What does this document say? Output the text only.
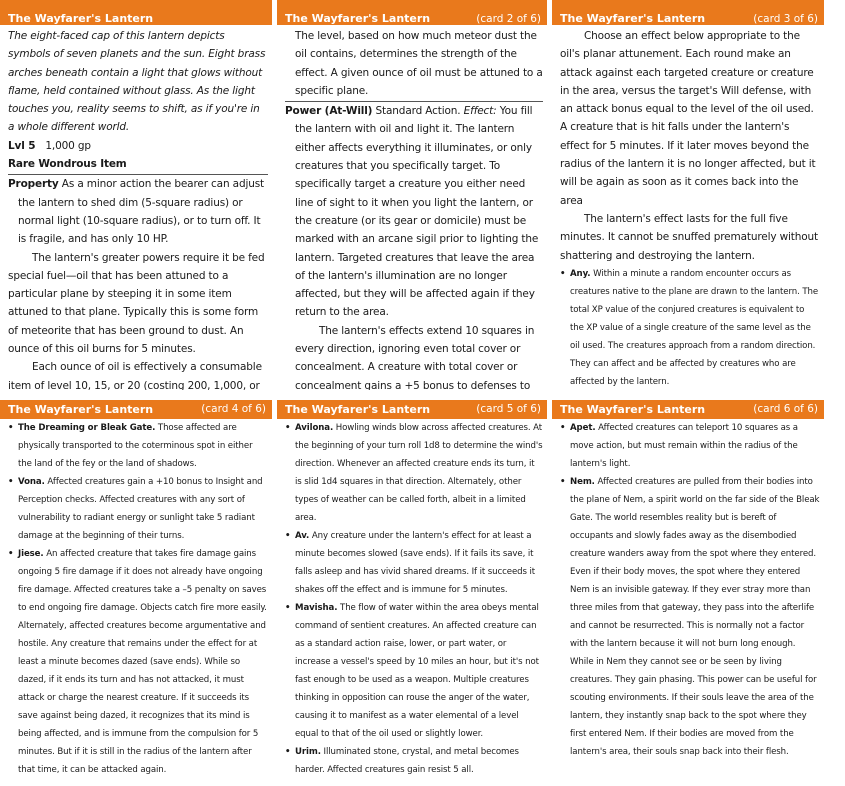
The Wayfarer's Lantern

The eight-faced cap of this lantern depicts symbols of seven planets and the sun. Eight brass arches beneath contain a light that glows without flame, held contained without glass. As the light touches you, reality seems to shift, as if you're in a whole different world.

Lvl 5 1,000 gp

Rare Wondrous Item

Property As a minor action the bearer can adjust the lantern to shed dim (5-square radius) or normal light (10-square radius), or to turn off. It is fragile, and has only 10 HP.

The lantern's greater powers require it be fed special fuel—oil that has been attuned to a particular plane by steeping it in some item attuned to that plane. Typically this is some form of meteorite that has been ground to dust. An ounce of this oil burns for 5 minutes.

Each ounce of oil is effectively a consumable item of level 10, 15, or 20 (costing 200, 1,000, or

The Wayfarer's Lantern	(card 2 of 6)

The level, based on how much meteor dust the oil contains, determines the strength of the effect. A given ounce of oil must be attuned to a specific plane.

Power (At-Will) Standard Action. Effect: You fill the lantern with oil and light it. The lantern either affects everything it illuminates, or only creatures that you specifically target. To specifically target a creature you either need line of sight to it when you light the lantern, or the creature (or its gear or domicile) must be marked with an arcane sigil prior to lighting the lantern. Targeted creatures that leave the area of the lantern's illumination are no longer affected, but they will be affected again if they return to the area.

The lantern's effects extend 10 squares in every direction, ignoring even total cover or concealment. A creature with total cover or concealment gains a +5 bonus to defenses to

The Wayfarer's Lantern	(card 3 of 6)

Choose an effect below appropriate to the oil's planar attunement. Each round make an attack against each targeted creature or creature in the area, versus the target's Will defense, with an attack bonus equal to the level of the oil used. A creature that is hit falls under the lantern's effect for 5 minutes. If it later moves beyond the radius of the lantern it is no longer affected, but it will be again as soon as it comes back into the area

The lantern's effect lasts for the full five minutes. It cannot be snuffed prematurely without shattering and destroying the lantern.

• Any. Within a minute a random encounter occurs as creatures native to the plane are drawn to the lantern. The total XP value of the conjured creatures is equivalent to the XP value of a single creature of the same level as the oil used. The creatures approach from a random direction. They can affect and be affected by creatures who are affected by the lantern.

The Wayfarer's Lantern	(card 4 of 6)

• The Dreaming or Bleak Gate. Those affected are physically transported to the coterminous spot in either the land of the fey or the land of shadows.

• Vona. Affected creatures gain a +10 bonus to Insight and Perception checks. Affected creatures with any sort of vulnerability to radiant energy or sunlight take 5 radiant damage at the beginning of their turns.

• Jiese. An affected creature that takes fire damage gains ongoing 5 fire damage if it does not already have ongoing fire damage. Affected creatures take a –5 penalty on saves to end ongoing fire damage. Objects catch fire more easily. Alternately, affected creatures become argumentative and hostile. Any creature that remains under the effect for at least a minute becomes dazed (save ends). While so dazed, if it ends its turn and has not attacked, it must attack or charge the nearest creature. If it succeeds its save against being dazed, it recognizes that its mind is being affected, and is immune from the compulsion for 5 minutes. But if it is still in the radius of the lantern after that time, it can be attacked again.

The Wayfarer's Lantern	(card 5 of 6)

• Avilona. Howling winds blow across affected creatures. At the beginning of your turn roll 1d8 to determine the wind's direction. Whenever an affected creature ends its turn, it is slid 1d4 squares in that direction. Alternately, other types of weather can be called forth, albeit in a limited area.

• Av. Any creature under the lantern's effect for at least a minute becomes slowed (save ends). If it fails its save, it falls asleep and has vivid shared dreams. If it succeeds it shakes off the effect and is immune for 5 minutes.

• Mavisha. The flow of water within the area obeys mental command of sentient creatures. An affected creature can as a standard action raise, lower, or part water, or increase a vessel's speed by 10 miles an hour, but it's not fast enough to be used as a weapon. Multiple creatures thinking in opposition can rouse the anger of the water, causing it to manifest as a water elemental of a level equal to that of the oil used or slightly lower.

• Urim. Illuminated stone, crystal, and metal becomes harder. Affected creatures gain resist 5 all.

The Wayfarer's Lantern	(card 6 of 6)

• Apet. Affected creatures can teleport 10 squares as a move action, but must remain within the radius of the lantern's light.

• Nem. Affected creatures are pulled from their bodies into the plane of Nem, a spirit world on the far side of the Bleak Gate. The world resembles reality but is bereft of occupants and slowly fades away as the disembodied creature wanders away from the spot where they entered. Even if their body moves, the spot where they entered Nem is an invisible gateway. If they ever stray more than three miles from that gateway, they pass into the afterlife and cannot be resurrected. This is normally not a factor with the lantern because it will not burn long enough. While in Nem they cannot see or be seen by living creatures. They gain phasing. This power can be useful for scouting environments. If their souls leave the area of the lantern, they instantly snap back to the spot where they first entered Nem. If their bodies are moved from the lantern's area, their souls snap back into their flesh.
